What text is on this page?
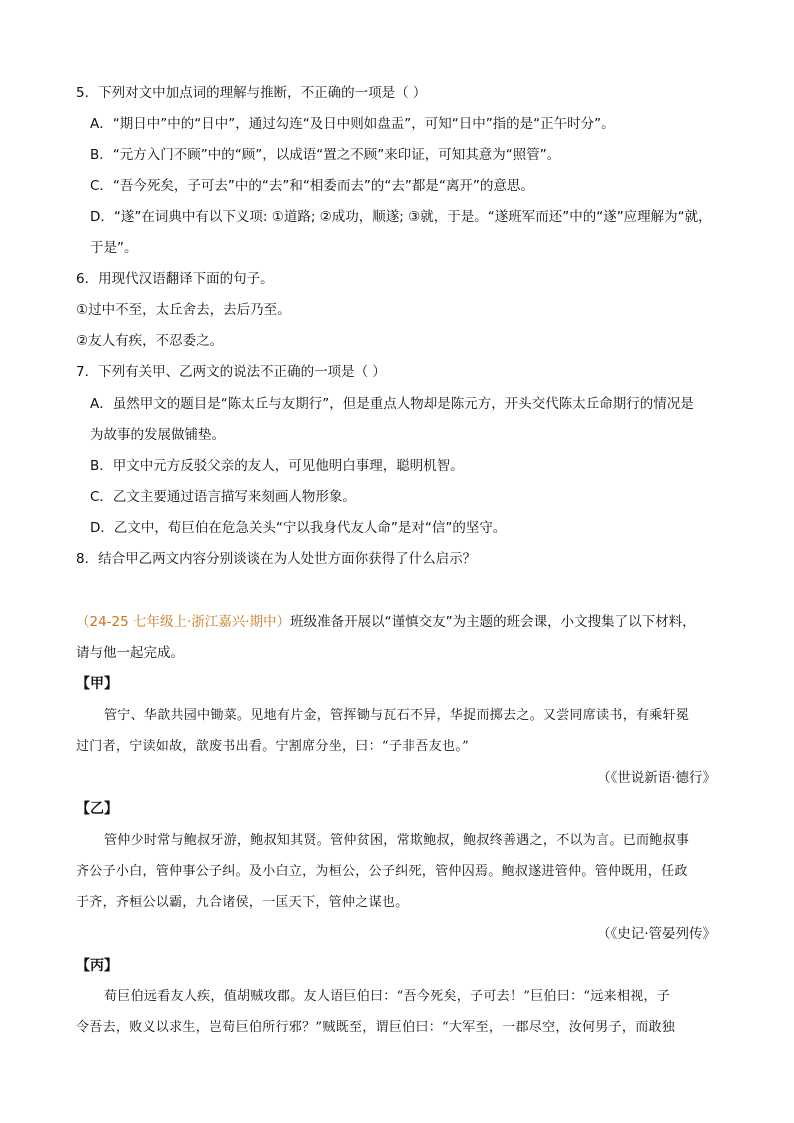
5．下列对文中加点词的理解与推断，不正确的一项是（ ）
A．“期日中”中的“日中”，通过勾连“及日中则如盘盂”，可知“日中”指的是“正午时分”。
B．“元方入门不顾”中的“顾”，以成语“置之不顾”来印证，可知其意为“照管”。
C．“吾今死矣，子可去”中的“去”和“相委而去”的“去”都是“离开”的意思。
D．“遂”在词典中有以下义项: ①道路; ②成功，顺遂; ③就，于是。“遂班军而还”中的“遂”应理解为“就，
于是”。
6．用现代汉语翻译下面的句子。
①过中不至，太丘舍去，去后乃至。
②友人有疾，不忍委之。
7．下列有关甲、乙两文的说法不正确的一项是（ ）
A．虽然甲文的题目是“陈太丘与友期行”，但是重点人物却是陈元方，开头交代陈太丘命期行的情况是
为故事的发展做铺垫。
B．甲文中元方反驳父亲的友人，可见他明白事理，聪明机智。
C．乙文主要通过语言描写来刻画人物形象。
D．乙文中，荀巨伯在危急关头“宁以我身代友人命”是对“信”的坚守。
8．结合甲乙两文内容分别谈谈在为人处世方面你获得了什么启示？
（24-25 七年级上·浙江嘉兴·期中）班级准备开展以“谨慎交友”为主题的班会课，小文搜集了以下材料，
请与他一起完成。
【甲】
管宁、华歆共园中锄菜。见地有片金，管挥锄与瓦石不异，华捉而掷去之。又尝同席读书，有乘轩冕
过门者，宁读如故，歆废书出看。宁割席分坐，曰：“子非吾友也。”
（《世说新语·德行》
【乙】
管仲少时常与鲍叔牙游，鲍叔知其贤。管仲贫困，常欺鲍叔，鲍叔终善遇之，不以为言。已而鲍叔事
齐公子小白，管仲事公子纠。及小白立，为桓公，公子纠死，管仲囚焉。鲍叔遂进管仲。管仲既用，任政
于齐，齐桓公以霸，九合诸侯，一匡天下，管仲之谋也。
（《史记·管晏列传》
【丙】
荀巨伯远看友人疾，值胡贼攻郡。友人语巨伯曰：“吾今死矣，子可去！”巨伯曰：“远来相视，子
令吾去，败义以求生，岂荀巨伯所行邪？”贼既至，谓巨伯曰：“大军至，一郡尽空，汝何男子，而敢独
